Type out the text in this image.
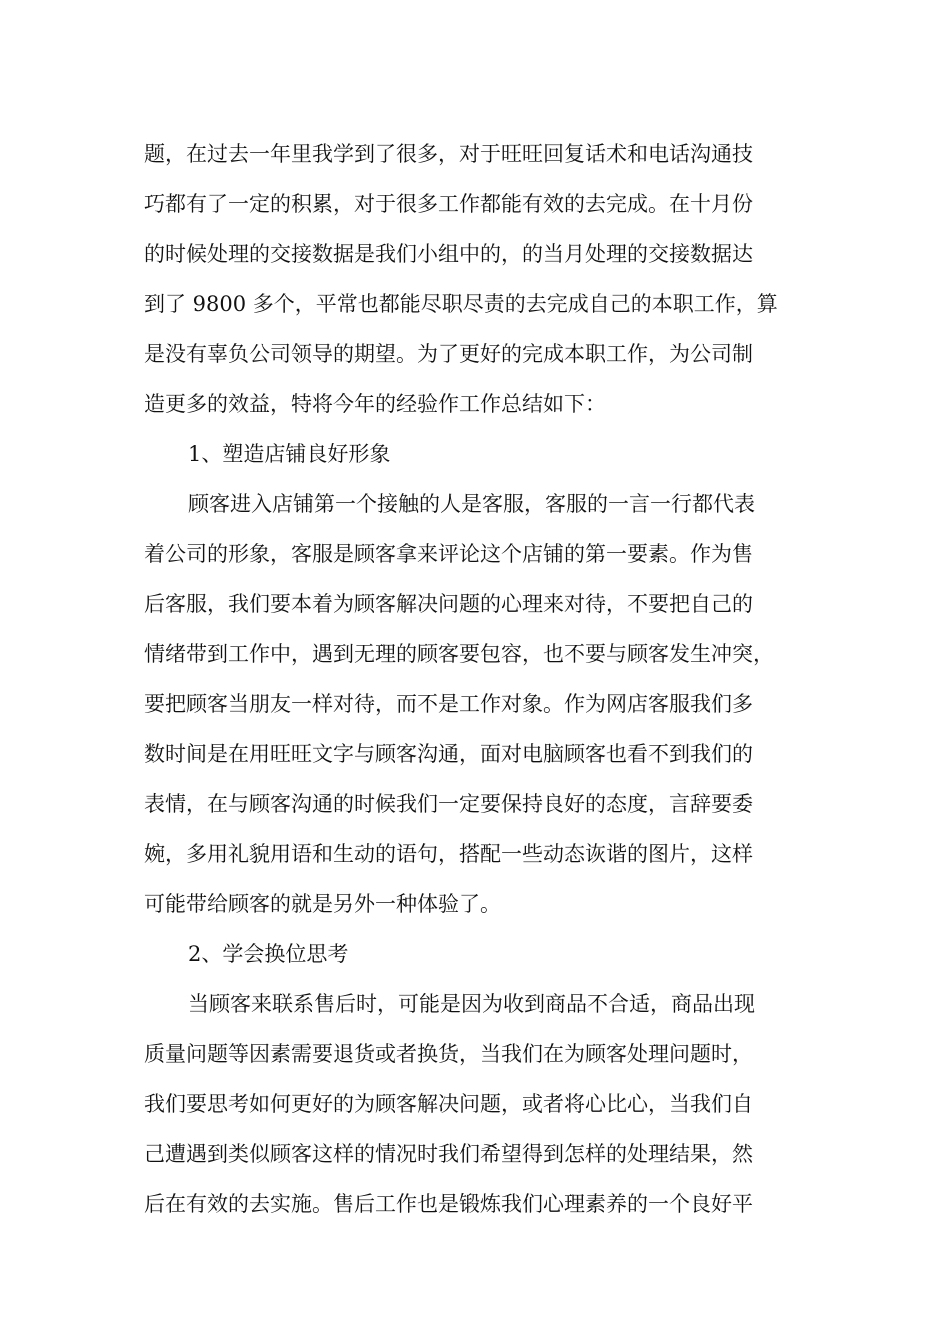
题，在过去一年里我学到了很多，对于旺旺回复话术和电话沟通技
巧都有了一定的积累，对于很多工作都能有效的去完成。在十月份
的时候处理的交接数据是我们小组中的，的当月处理的交接数据达
到了 9800 多个，平常也都能尽职尽责的去完成自己的本职工作，算
是没有辜负公司领导的期望。为了更好的完成本职工作，为公司制
造更多的效益，特将今年的经验作工作总结如下：
1、塑造店铺良好形象
顾客进入店铺第一个接触的人是客服，客服的一言一行都代表
着公司的形象，客服是顾客拿来评论这个店铺的第一要素。作为售
后客服，我们要本着为顾客解决问题的心理来对待，不要把自己的
情绪带到工作中，遇到无理的顾客要包容，也不要与顾客发生冲突，
要把顾客当朋友一样对待，而不是工作对象。作为网店客服我们多
数时间是在用旺旺文字与顾客沟通，面对电脑顾客也看不到我们的
表情，在与顾客沟通的时候我们一定要保持良好的态度，言辞要委
婉，多用礼貌用语和生动的语句，搭配一些动态诙谐的图片，这样
可能带给顾客的就是另外一种体验了。
2、学会换位思考
当顾客来联系售后时，可能是因为收到商品不合适，商品出现
质量问题等因素需要退货或者换货，当我们在为顾客处理问题时，
我们要思考如何更好的为顾客解决问题，或者将心比心，当我们自
己遭遇到类似顾客这样的情况时我们希望得到怎样的处理结果，然
后在有效的去实施。售后工作也是锻炼我们心理素养的一个良好平
